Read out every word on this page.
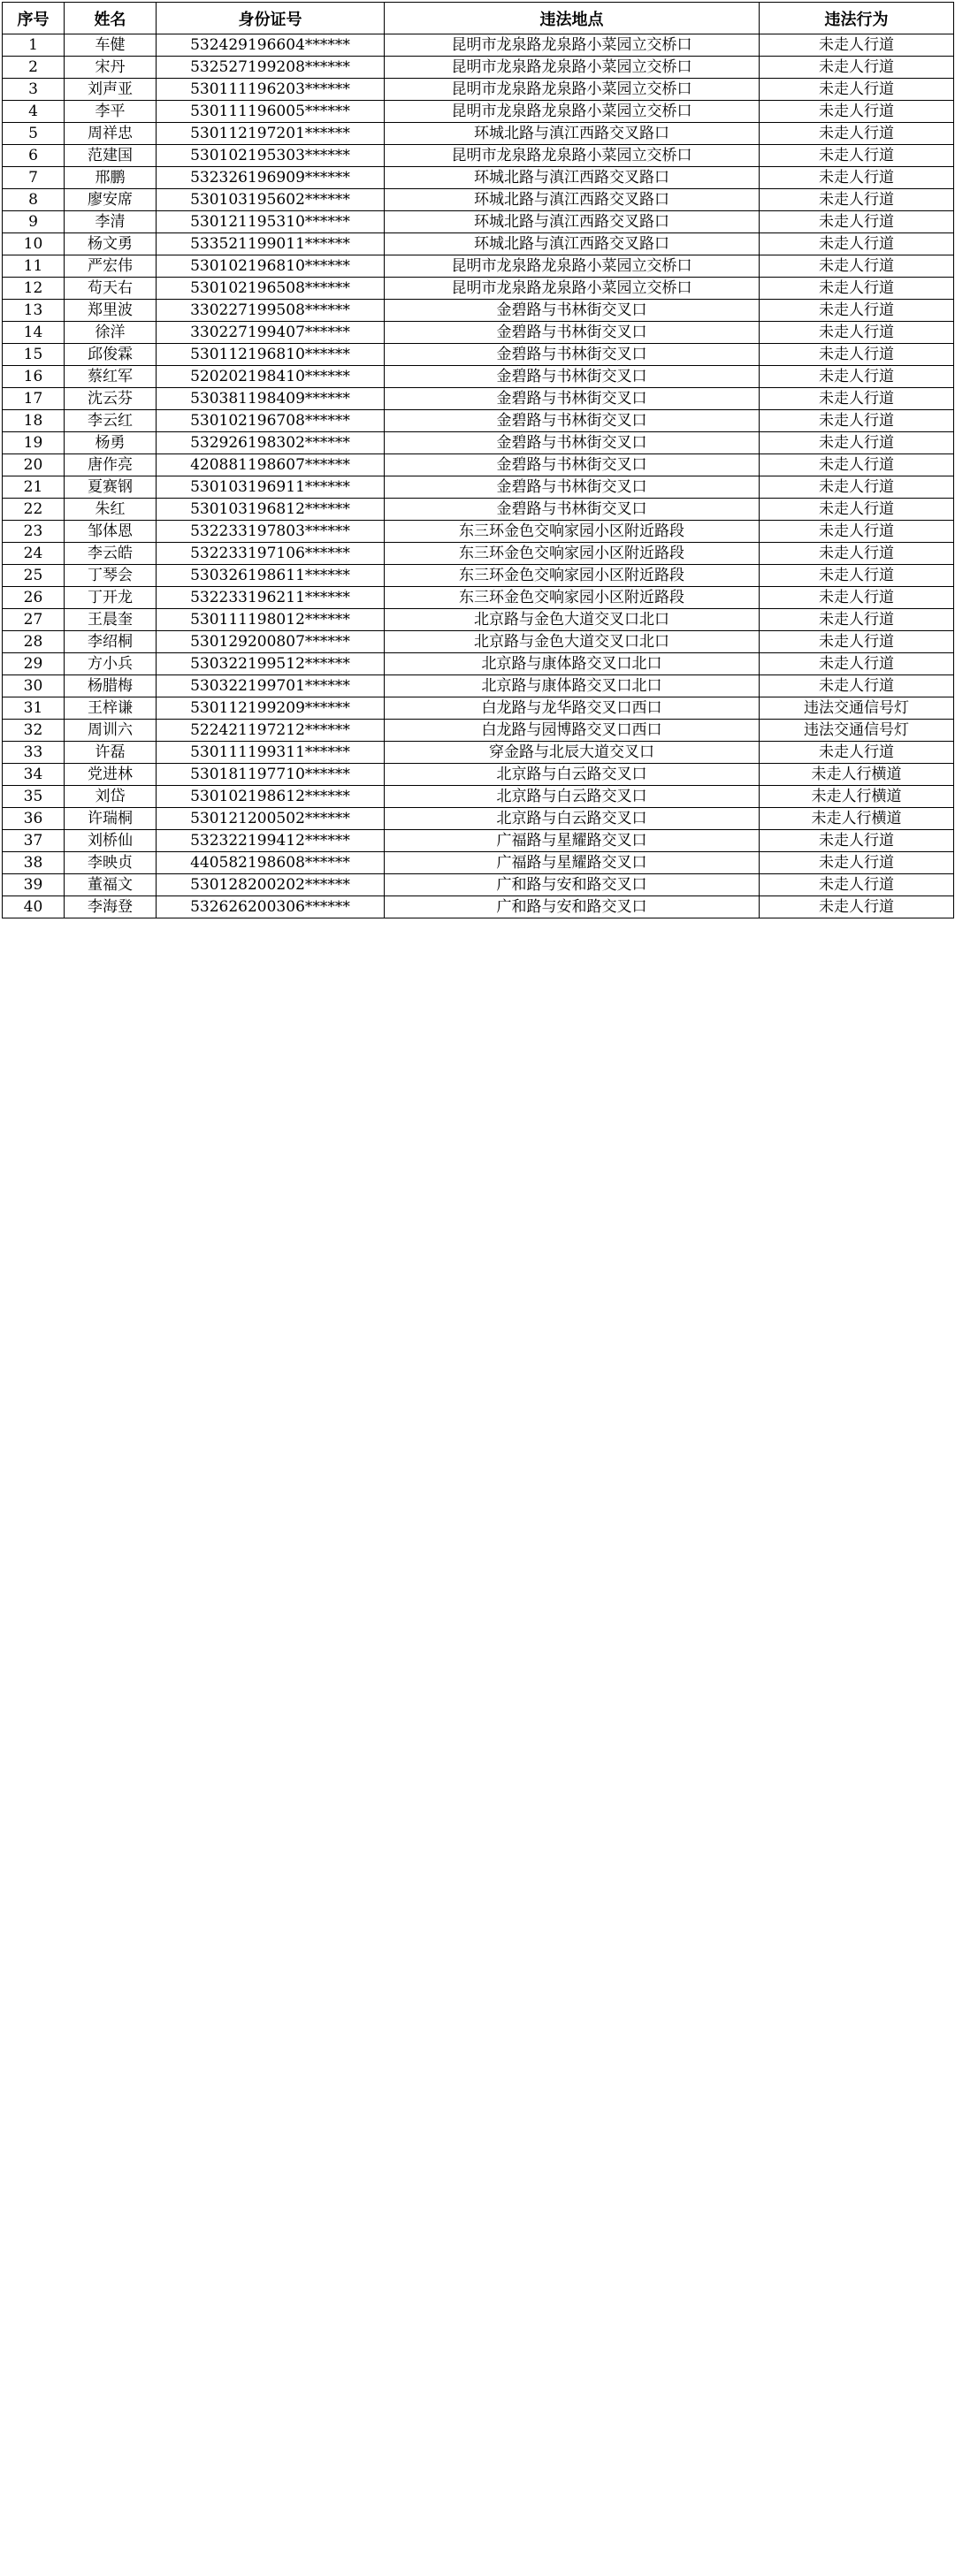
序号	姓名	身份证号	违法地点	违法行为
1	车健	532429196604******	昆明市龙泉路龙泉路小菜园立交桥口	未走人行道
2	宋丹	532527199208******	昆明市龙泉路龙泉路小菜园立交桥口	未走人行道
3	刘声亚	530111196203******	昆明市龙泉路龙泉路小菜园立交桥口	未走人行道
4	李平	530111196005******	昆明市龙泉路龙泉路小菜园立交桥口	未走人行道
5	周祥忠	530112197201******	环城北路与滇江西路交叉路口	未走人行道
6	范建国	530102195303******	昆明市龙泉路龙泉路小菜园立交桥口	未走人行道
7	邢鹏	532326196909******	环城北路与滇江西路交叉路口	未走人行道
8	廖安席	530103195602******	环城北路与滇江西路交叉路口	未走人行道
9	李清	530121195310******	环城北路与滇江西路交叉路口	未走人行道
10	杨文勇	533521199011******	环城北路与滇江西路交叉路口	未走人行道
11	严宏伟	530102196810******	昆明市龙泉路龙泉路小菜园立交桥口	未走人行道
12	苟天右	530102196508******	昆明市龙泉路龙泉路小菜园立交桥口	未走人行道
13	郑里波	330227199508******	金碧路与书林街交叉口	未走人行道
14	徐洋	330227199407******	金碧路与书林街交叉口	未走人行道
15	邱俊霖	530112196810******	金碧路与书林街交叉口	未走人行道
16	蔡红军	520202198410******	金碧路与书林街交叉口	未走人行道
17	沈云芬	530381198409******	金碧路与书林街交叉口	未走人行道
18	李云红	530102196708******	金碧路与书林街交叉口	未走人行道
19	杨勇	532926198302******	金碧路与书林街交叉口	未走人行道
20	唐作亮	420881198607******	金碧路与书林街交叉口	未走人行道
21	夏赛钢	530103196911******	金碧路与书林街交叉口	未走人行道
22	朱红	530103196812******	金碧路与书林街交叉口	未走人行道
23	邹体恩	532233197803******	东三环金色交响家园小区附近路段	未走人行道
24	李云皓	532233197106******	东三环金色交响家园小区附近路段	未走人行道
25	丁琴会	530326198611******	东三环金色交响家园小区附近路段	未走人行道
26	丁开龙	532233196211******	东三环金色交响家园小区附近路段	未走人行道
27	王晨奎	530111198012******	北京路与金色大道交叉口北口	未走人行道
28	李绍桐	530129200807******	北京路与金色大道交叉口北口	未走人行道
29	方小兵	530322199512******	北京路与康体路交叉口北口	未走人行道
30	杨腊梅	530322199701******	北京路与康体路交叉口北口	未走人行道
31	王梓谦	530112199209******	白龙路与龙华路交叉口西口	违法交通信号灯
32	周训六	522421197212******	白龙路与园博路交叉口西口	违法交通信号灯
33	许磊	530111199311******	穿金路与北辰大道交叉口	未走人行道
34	党进林	530181197710******	北京路与白云路交叉口	未走人行横道
35	刘岱	530102198612******	北京路与白云路交叉口	未走人行横道
36	许瑞桐	530121200502******	北京路与白云路交叉口	未走人行横道
37	刘桥仙	532322199412******	广福路与星耀路交叉口	未走人行道
38	李映贞	440582198608******	广福路与星耀路交叉口	未走人行道
39	董福文	530128200202******	广和路与安和路交叉口	未走人行道
40	李海登	532626200306******	广和路与安和路交叉口	未走人行道
